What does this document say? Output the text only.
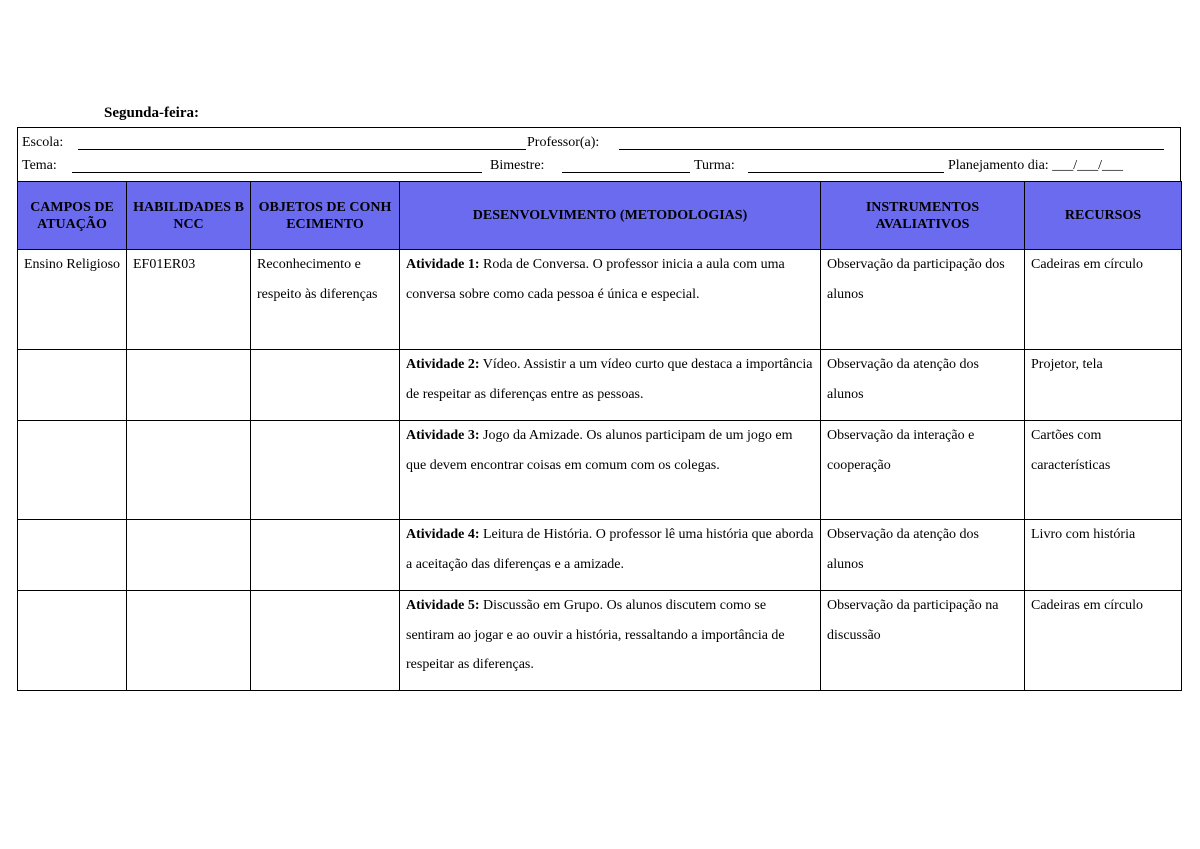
Segunda-feira:
Escola:	Professor(a):
Tema:	Bimestre:	Turma:	Planejamento dia: ___/___/___
CAMPOS DE ATUAÇÃO	HABILIDADES BNCC	OBJETOS DE CONHECIMENTO	DESENVOLVIMENTO (METODOLOGIAS)	INSTRUMENTOS AVALIATIVOS	RECURSOS
Ensino Religioso	EF01ER03	Reconhecimento e respeito às diferenças	Atividade 1: Roda de Conversa. O professor inicia a aula com uma conversa sobre como cada pessoa é única e especial.	Observação da participação dos alunos	Cadeiras em círculo
			Atividade 2: Vídeo. Assistir a um vídeo curto que destaca a importância de respeitar as diferenças entre as pessoas.	Observação da atenção dos alunos	Projetor, tela
			Atividade 3: Jogo da Amizade. Os alunos participam de um jogo em que devem encontrar coisas em comum com os colegas.	Observação da interação e cooperação	Cartões com características
			Atividade 4: Leitura de História. O professor lê uma história que aborda a aceitação das diferenças e a amizade.	Observação da atenção dos alunos	Livro com história
			Atividade 5: Discussão em Grupo. Os alunos discutem como se sentiram ao jogar e ao ouvir a história, ressaltando a importância de respeitar as diferenças.	Observação da participação na discussão	Cadeiras em círculo
